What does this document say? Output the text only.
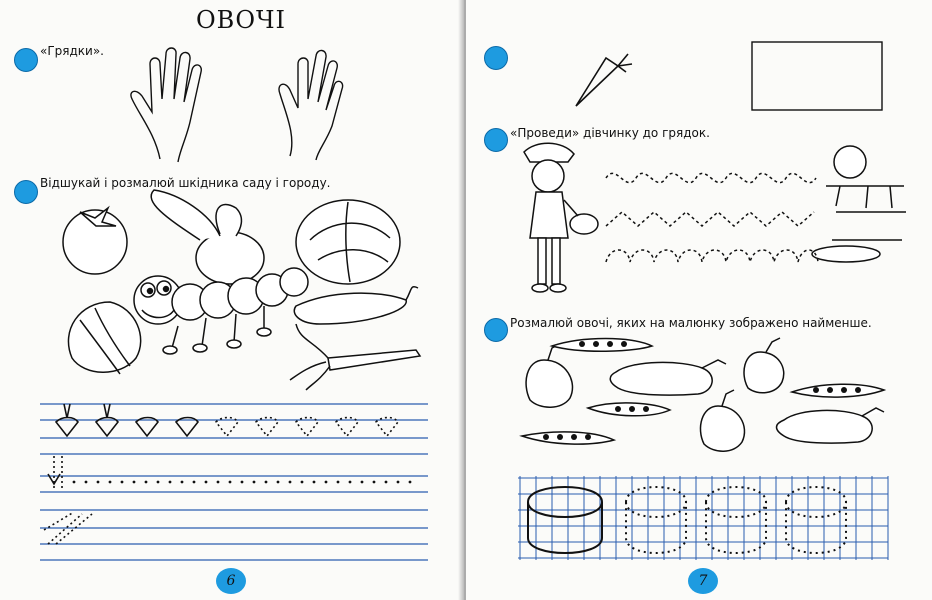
ОВОЧІ
«Грядки».
Відшукай і розмалюй шкідника саду і городу.
6
«Проведи» дівчинку до грядок.
Розмалюй овочі, яких на малюнку зображено найменше.
7
